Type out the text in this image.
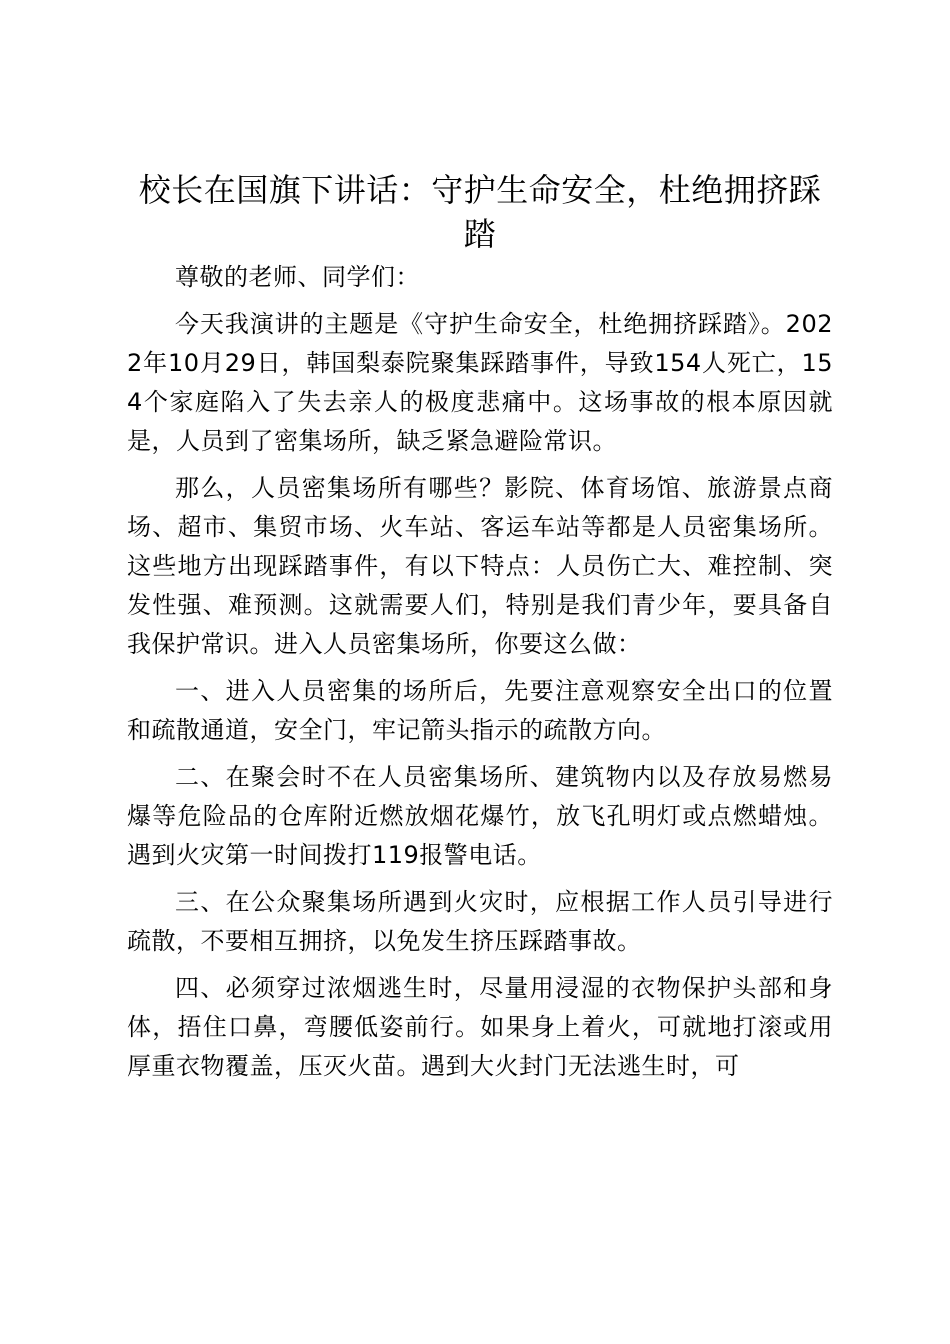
校长在国旗下讲话：守护生命安全，杜绝拥挤踩踏

尊敬的老师、同学们：

今天我演讲的主题是《守护生命安全，杜绝拥挤踩踏》。2022年10月29日，韩国梨泰院聚集踩踏事件，导致154人死亡，154个家庭陷入了失去亲人的极度悲痛中。这场事故的根本原因就是，人员到了密集场所，缺乏紧急避险常识。

那么，人员密集场所有哪些？影院、体育场馆、旅游景点商场、超市、集贸市场、火车站、客运车站等都是人员密集场所。这些地方出现踩踏事件，有以下特点：人员伤亡大、难控制、突发性强、难预测。这就需要人们，特别是我们青少年，要具备自我保护常识。进入人员密集场所，你要这么做：

一、进入人员密集的场所后，先要注意观察安全出口的位置和疏散通道，安全门，牢记箭头指示的疏散方向。

二、在聚会时不在人员密集场所、建筑物内以及存放易燃易爆等危险品的仓库附近燃放烟花爆竹，放飞孔明灯或点燃蜡烛。遇到火灾第一时间拨打119报警电话。

三、在公众聚集场所遇到火灾时，应根据工作人员引导进行疏散，不要相互拥挤，以免发生挤压踩踏事故。

四、必须穿过浓烟逃生时，尽量用浸湿的衣物保护头部和身体，捂住口鼻，弯腰低姿前行。如果身上着火，可就地打滚或用厚重衣物覆盖，压灭火苗。遇到大火封门无法逃生时，可
